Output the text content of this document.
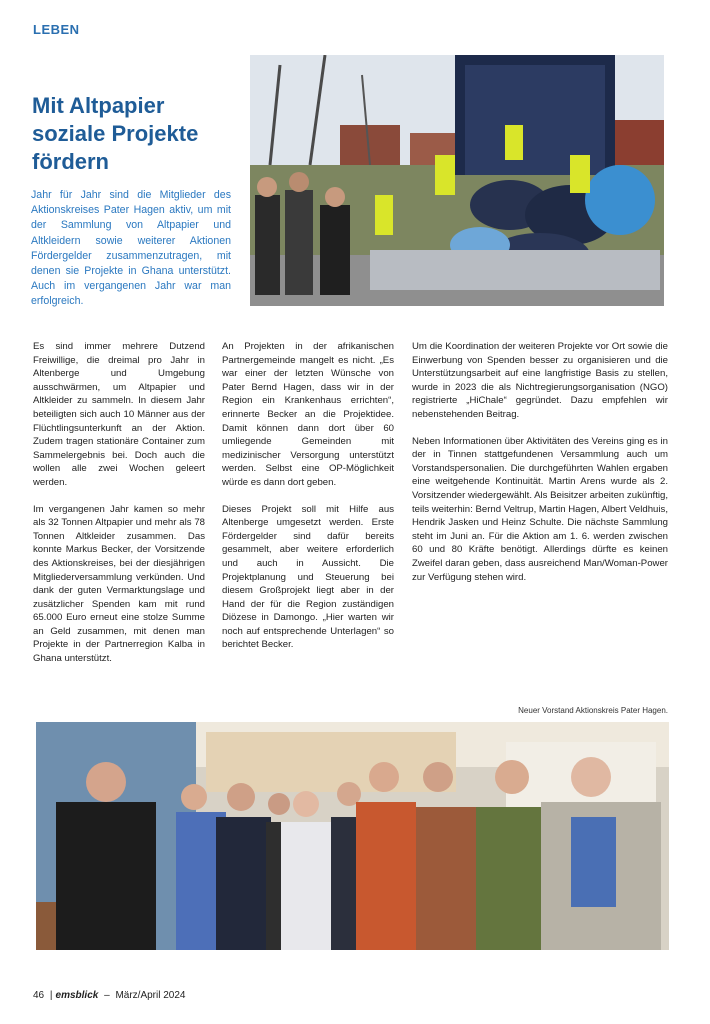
LEBEN
Mit Altpapier soziale Projekte fördern
Jahr für Jahr sind die Mitglieder des Aktionskreises Pater Hagen aktiv, um mit der Sammlung von Altpapier und Altkleidern sowie weiterer Aktionen Fördergelder zusammenzutragen, mit denen sie Projekte in Ghana unterstützt. Auch im vergangenen Jahr war man erfolgreich.

Es sind immer mehrere Dutzend Freiwillige, die dreimal pro Jahr in Altenberge und Umgebung ausschwärmen, um Altpapier und Altkleider zu sammeln. In diesem Jahr beteiligten sich auch 10 Männer aus der Flüchtlingsunterkunft an der Aktion. Zudem tragen stationäre Container zum Sammelergebnis bei. Doch auch die wollen alle zwei Wochen geleert werden.

Im vergangenen Jahr kamen so mehr als 32 Tonnen Altpapier und mehr als 78 Tonnen Altkleider zusammen. Das konnte Markus Becker, der Vorsitzende des Aktionskreises, bei der diesjährigen Mitgliederversammlung verkünden. Und dank der guten Vermarktungslage und zusätzlicher Spenden kam mit rund 65.000 Euro erneut eine stolze Summe an Geld zusammen, mit denen man Projekte in der Partnerregion Kalba in Ghana unterstützt.

An Projekten in der afrikanischen Partnergemeinde mangelt es nicht. „Es war einer der letzten Wünsche von Pater Bernd Hagen, dass wir in der Region ein Krankenhaus errichten“, erinnerte Becker an die Projektidee. Damit können dann dort über 60 umliegende Gemeinden mit medizinischer Versorgung unterstützt werden. Selbst eine OP-Möglichkeit würde es dann dort geben.

Dieses Projekt soll mit Hilfe aus Altenberge umgesetzt werden. Erste Fördergelder sind dafür bereits gesammelt, aber weitere erforderlich und auch in Aussicht. Die Projektplanung und Steuerung bei diesem Großprojekt liegt aber in der Hand der für die Region zuständigen Diözese in Damongo. „Hier warten wir noch auf entsprechende Unterlagen“ so berichtet Becker.

Um die Koordination der weiteren Projekte vor Ort sowie die Einwerbung von Spenden besser zu organisieren und die Unterstützungsarbeit auf eine langfristige Basis zu stellen, wurde in 2023 die als Nichtregierungsorganisation (NGO) registrierte „HiChale“ gegründet. Dazu empfehlen wir nebenstehenden Beitrag.

Neben Informationen über Aktivitäten des Vereins ging es in der in Tinnen stattgefundenen Versammlung auch um Vorstandspersonalien. Die durchgeführten Wahlen ergaben eine weitgehende Kontinuität. Martin Arens wurde als 2. Vorsitzender wiedergewählt. Als Beisitzer arbeiten zukünftig, teils weiterhin: Bernd Veltrup, Martin Hagen, Albert Veldhuis, Hendrik Jasken und Heinz Schulte. Die nächste Sammlung steht im Juni an. Für die Aktion am 1. 6. werden zwischen 60 und 80 Kräfte benötigt. Allerdings dürfte es keinen Zweifel daran geben, dass ausreichend Man/Woman-Power zur Verfügung stehen wird.

Neuer Vorstand Aktionskreis Pater Hagen.
46 | emsblick – März/April 2024
